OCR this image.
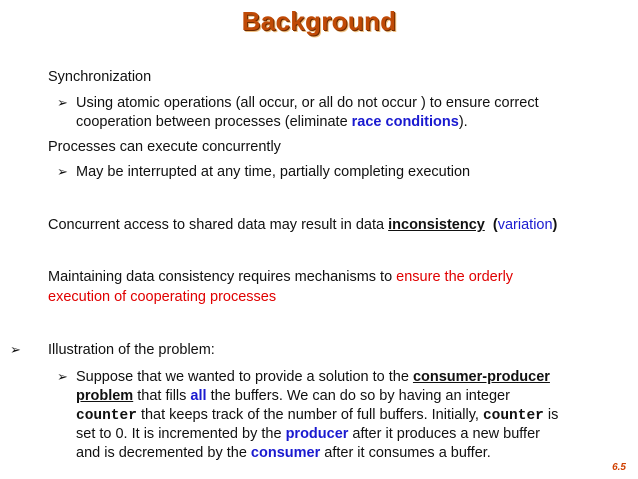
Background
Synchronization
➢ Using atomic operations (all occur, or all do not occur ) to ensure correct
cooperation between processes (eliminate race conditions).
Processes can execute concurrently
➢ May be interrupted at any time, partially completing execution
Concurrent access to shared data may result in data inconsistency (variation)
Maintaining data consistency requires mechanisms to ensure the orderly
execution of cooperating processes
➢ Illustration of the problem:
➢ Suppose that we wanted to provide a solution to the consumer-producer
problem that fills all the buffers. We can do so by having an integer
counter that keeps track of the number of full buffers. Initially, counter is
set to 0. It is incremented by the producer after it produces a new buffer
and is decremented by the consumer after it consumes a buffer.
6.5
